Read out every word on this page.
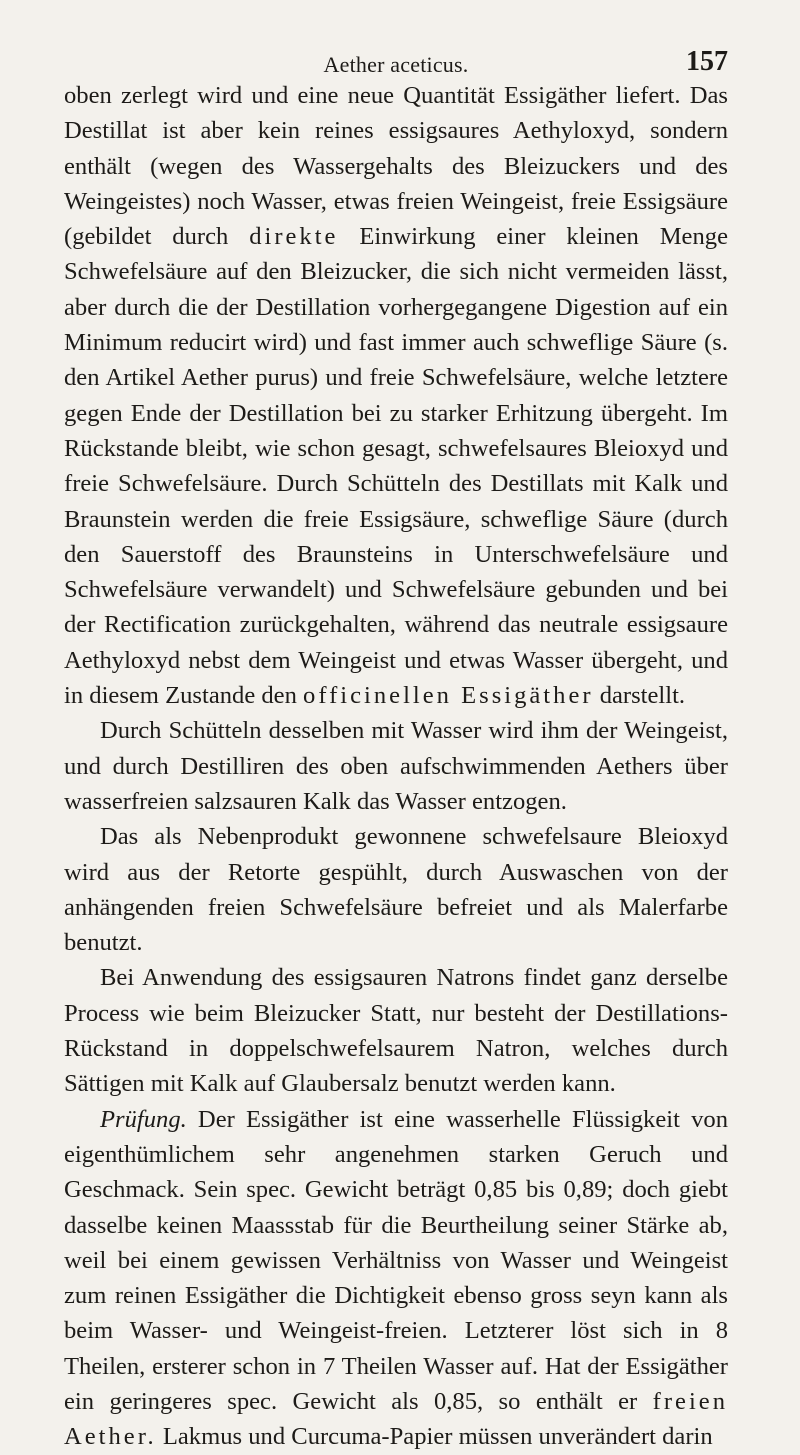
Aether aceticus.	157

oben zerlegt wird und eine neue Quantität Essigäther liefert. Das Destillat ist aber kein reines essigsaures Aethyloxyd, sondern enthält (wegen des Wassergehalts des Bleizuckers und des Weingeistes) noch Wasser, etwas freien Weingeist, freie Essigsäure (gebildet durch direkte Einwirkung einer kleinen Menge Schwefelsäure auf den Bleizucker, die sich nicht vermeiden lässt, aber durch die der Destillation vorhergegangene Digestion auf ein Minimum reducirt wird) und fast immer auch schweflige Säure (s. den Artikel Aether purus) und freie Schwefelsäure, welche letztere gegen Ende der Destillation bei zu starker Erhitzung übergeht. Im Rückstande bleibt, wie schon gesagt, schwefelsaures Bleioxyd und freie Schwefelsäure. Durch Schütteln des Destillats mit Kalk und Braunstein werden die freie Essigsäure, schweflige Säure (durch den Sauerstoff des Braunsteins in Unterschwefelsäure und Schwefelsäure verwandelt) und Schwefelsäure gebunden und bei der Rectification zurückgehalten, während das neutrale essigsaure Aethyloxyd nebst dem Weingeist und etwas Wasser übergeht, und in diesem Zustande den officinellen Essigäther darstellt.

Durch Schütteln desselben mit Wasser wird ihm der Weingeist, und durch Destilliren des oben aufschwimmenden Aethers über wasserfreien salzsauren Kalk das Wasser entzogen.

Das als Nebenprodukt gewonnene schwefelsaure Bleioxyd wird aus der Retorte gespühlt, durch Auswaschen von der anhängenden freien Schwefelsäure befreiet und als Malerfarbe benutzt.

Bei Anwendung des essigsauren Natrons findet ganz derselbe Process wie beim Bleizucker Statt, nur besteht der Destillations-Rückstand in doppelschwefelsaurem Natron, welches durch Sättigen mit Kalk auf Glaubersalz benutzt werden kann.

Prüfung. Der Essigäther ist eine wasserhelle Flüssigkeit von eigenthümlichem sehr angenehmen starken Geruch und Geschmack. Sein spec. Gewicht beträgt 0,85 bis 0,89; doch giebt dasselbe keinen Maassstab für die Beurtheilung seiner Stärke ab, weil bei einem gewissen Verhältniss von Wasser und Weingeist zum reinen Essigäther die Dichtigkeit ebenso gross seyn kann als beim Wasser- und Weingeist-freien. Letzterer löst sich in 8 Theilen, ersterer schon in 7 Theilen Wasser auf. Hat der Essigäther ein geringeres spec. Gewicht als 0,85, so enthält er freien Aether. Lakmus und Curcuma-Papier müssen unverändert darin
